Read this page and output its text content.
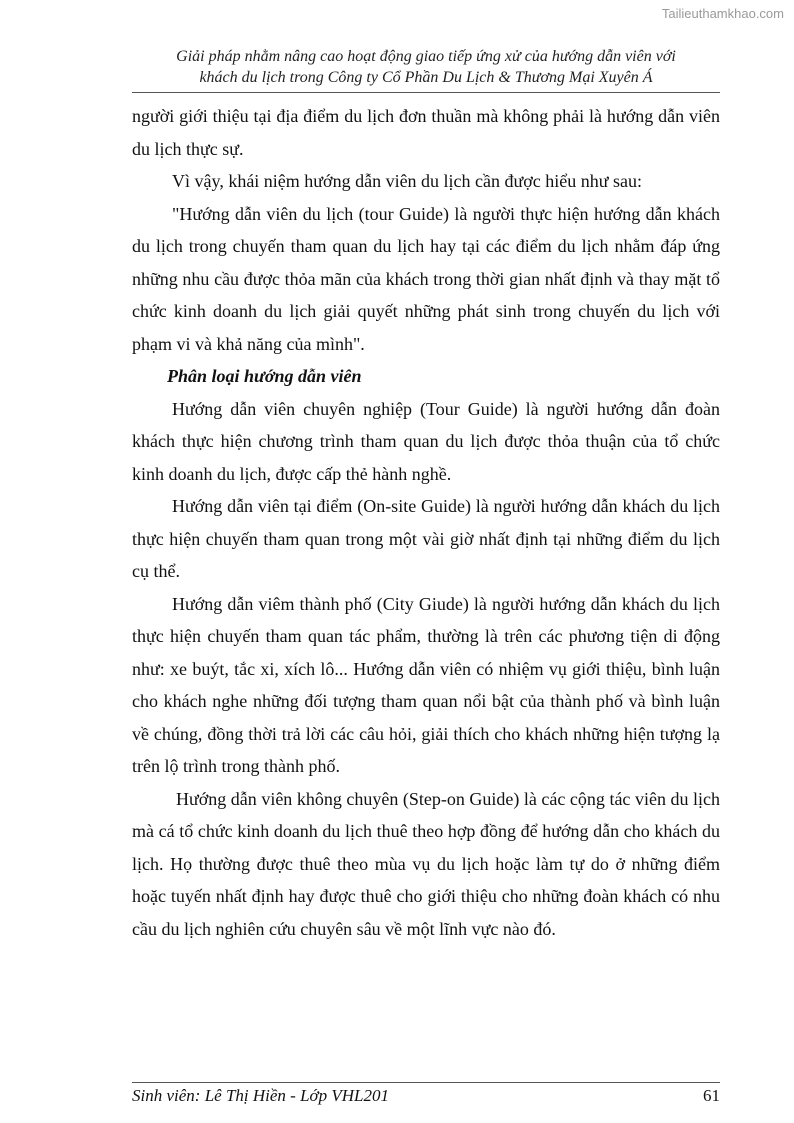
Tailieuthamkhao.com
Giải pháp nhằm nâng cao hoạt động giao tiếp ứng xử của hướng dẫn viên với
khách du lịch trong Công ty Cổ Phần Du Lịch & Thương Mại Xuyên Á

người giới thiệu tại địa điểm du lịch đơn thuần mà không phải là hướng dẫn viên du lịch thực sự.

Vì vậy, khái niệm hướng dẫn viên du lịch cần được hiểu như sau:

"Hướng dẫn viên du lịch (tour Guide) là người thực hiện hướng dẫn khách du lịch trong chuyến tham quan du lịch hay tại các điểm du lịch nhằm đáp ứng những nhu cầu được thỏa mãn của khách trong thời gian nhất định và thay mặt tổ chức kinh doanh du lịch giải quyết những phát sinh trong chuyến du lịch với phạm vi và khả năng của mình".

Phân loại hướng dẫn viên

Hướng dẫn viên chuyên nghiệp (Tour Guide) là người hướng dẫn đoàn khách thực hiện chương trình tham quan du lịch được thỏa thuận của tổ chức kinh doanh du lịch, được cấp thẻ hành nghề.

Hướng dẫn viên tại điểm (On-site Guide) là người hướng dẫn khách du lịch thực hiện chuyến tham quan trong một vài giờ nhất định tại những điểm du lịch cụ thể.

Hướng dẫn viêm thành phố (City Giude) là người hướng dẫn khách du lịch thực hiện chuyến tham quan tác phẩm, thường là trên các phương tiện di động như: xe buýt, tắc xi, xích lô... Hướng dẫn viên có nhiệm vụ giới thiệu, bình luận cho khách nghe những đối tượng tham quan nổi bật của thành phố và bình luận về chúng, đồng thời trả lời các câu hỏi, giải thích cho khách những hiện tượng lạ trên lộ trình trong thành phố.

Hướng dẫn viên không chuyên (Step-on Guide) là các cộng tác viên du lịch mà cá tổ chức kinh doanh du lịch thuê theo hợp đồng để hướng dẫn cho khách du lịch. Họ thường được thuê theo mùa vụ du lịch hoặc làm tự do ở những điểm hoặc tuyến nhất định hay được thuê cho giới thiệu cho những đoàn khách có nhu cầu du lịch nghiên cứu chuyên sâu về một lĩnh vực nào đó.

Sinh viên: Lê Thị Hiền - Lớp VHL201	61
